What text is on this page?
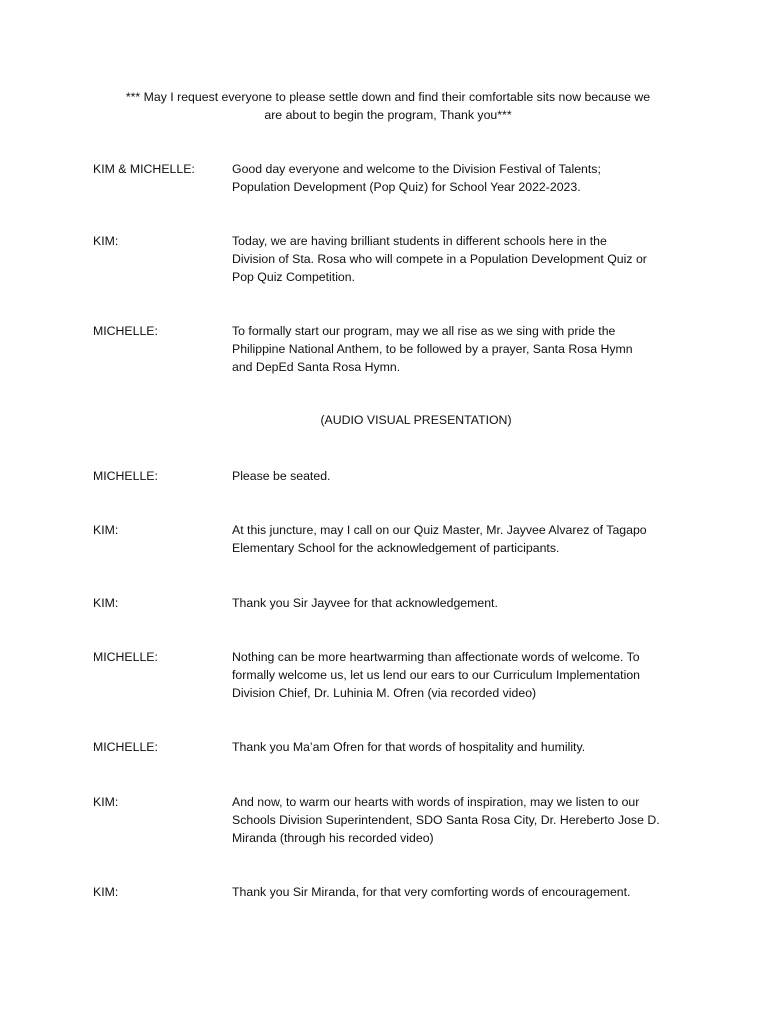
*** May I request everyone to please settle down and find their comfortable sits now because we
are about to begin the program, Thank you***
KIM & MICHELLE:	Good day everyone and welcome to the Division Festival of Talents;
Population Development (Pop Quiz) for School Year 2022-2023.
KIM:	Today, we are having brilliant students in different schools here in the
Division of Sta. Rosa who will compete in a Population Development Quiz or
Pop Quiz Competition.
MICHELLE:	To formally start our program, may we all rise as we sing with pride the
Philippine National Anthem, to be followed by a prayer, Santa Rosa Hymn
and DepEd Santa Rosa Hymn.
(AUDIO VISUAL PRESENTATION)
MICHELLE:	Please be seated.
KIM:	At this juncture, may I call on our Quiz Master, Mr. Jayvee Alvarez of Tagapo
Elementary School for the acknowledgement of participants.
KIM:	Thank you Sir Jayvee for that acknowledgement.
MICHELLE:	Nothing can be more heartwarming than affectionate words of welcome. To
formally welcome us, let us lend our ears to our Curriculum Implementation
Division Chief, Dr. Luhinia M. Ofren (via recorded video)
MICHELLE:	Thank you Ma’am Ofren for that words of hospitality and humility.
KIM:	And now, to warm our hearts with words of inspiration, may we listen to our
Schools Division Superintendent, SDO Santa Rosa City, Dr. Hereberto Jose D.
Miranda (through his recorded video)
KIM:	Thank you Sir Miranda, for that very comforting words of encouragement.
